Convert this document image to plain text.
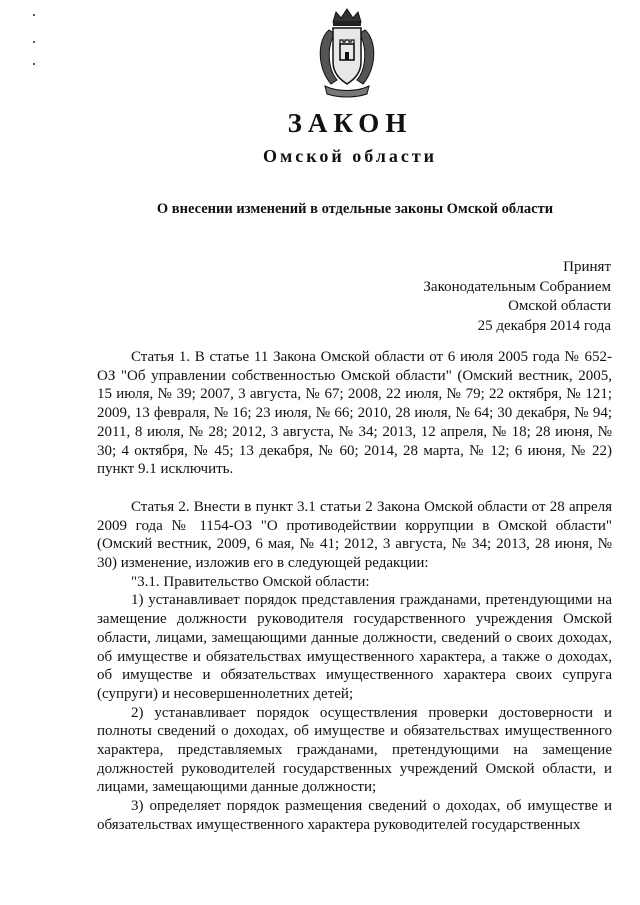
ЗАКОН
Омской области
О внесении изменений в отдельные законы Омской области
Принят
Законодательным Собранием
Омской области
25 декабря 2014 года

Статья 1. В статье 11 Закона Омской области от 6 июля 2005 года № 652-ОЗ "Об управлении собственностью Омской области" (Омский вестник, 2005, 15 июля, № 39; 2007, 3 августа, № 67; 2008, 22 июля, № 79; 22 октября, № 121; 2009, 13 февраля, № 16; 23 июля, № 66; 2010, 28 июля, № 64; 30 декабря, № 94; 2011, 8 июля, № 28; 2012, 3 августа, № 34; 2013, 12 апреля, № 18; 28 июня, № 30; 4 октября, № 45; 13 декабря, № 60; 2014, 28 марта, № 12; 6 июня, № 22) пункт 9.1 исключить.

Статья 2. Внести в пункт 3.1 статьи 2 Закона Омской области от 28 апреля 2009 года № 1154-ОЗ "О противодействии коррупции в Омской области" (Омский вестник, 2009, 6 мая, № 41; 2012, 3 августа, № 34; 2013, 28 июня, № 30) изменение, изложив его в следующей редакции:

"3.1. Правительство Омской области:

1) устанавливает порядок представления гражданами, претендующими на замещение должности руководителя государственного учреждения Омской области, лицами, замещающими данные должности, сведений о своих доходах, об имуществе и обязательствах имущественного характера, а также о доходах, об имуществе и обязательствах имущественного характера своих супруга (супруги) и несовершеннолетних детей;

2) устанавливает порядок осуществления проверки достоверности и полноты сведений о доходах, об имуществе и обязательствах имущественного характера, представляемых гражданами, претендующими на замещение должностей руководителей государственных учреждений Омской области, и лицами, замещающими данные должности;

3) определяет порядок размещения сведений о доходах, об имуществе и обязательствах имущественного характера руководителей государственных
